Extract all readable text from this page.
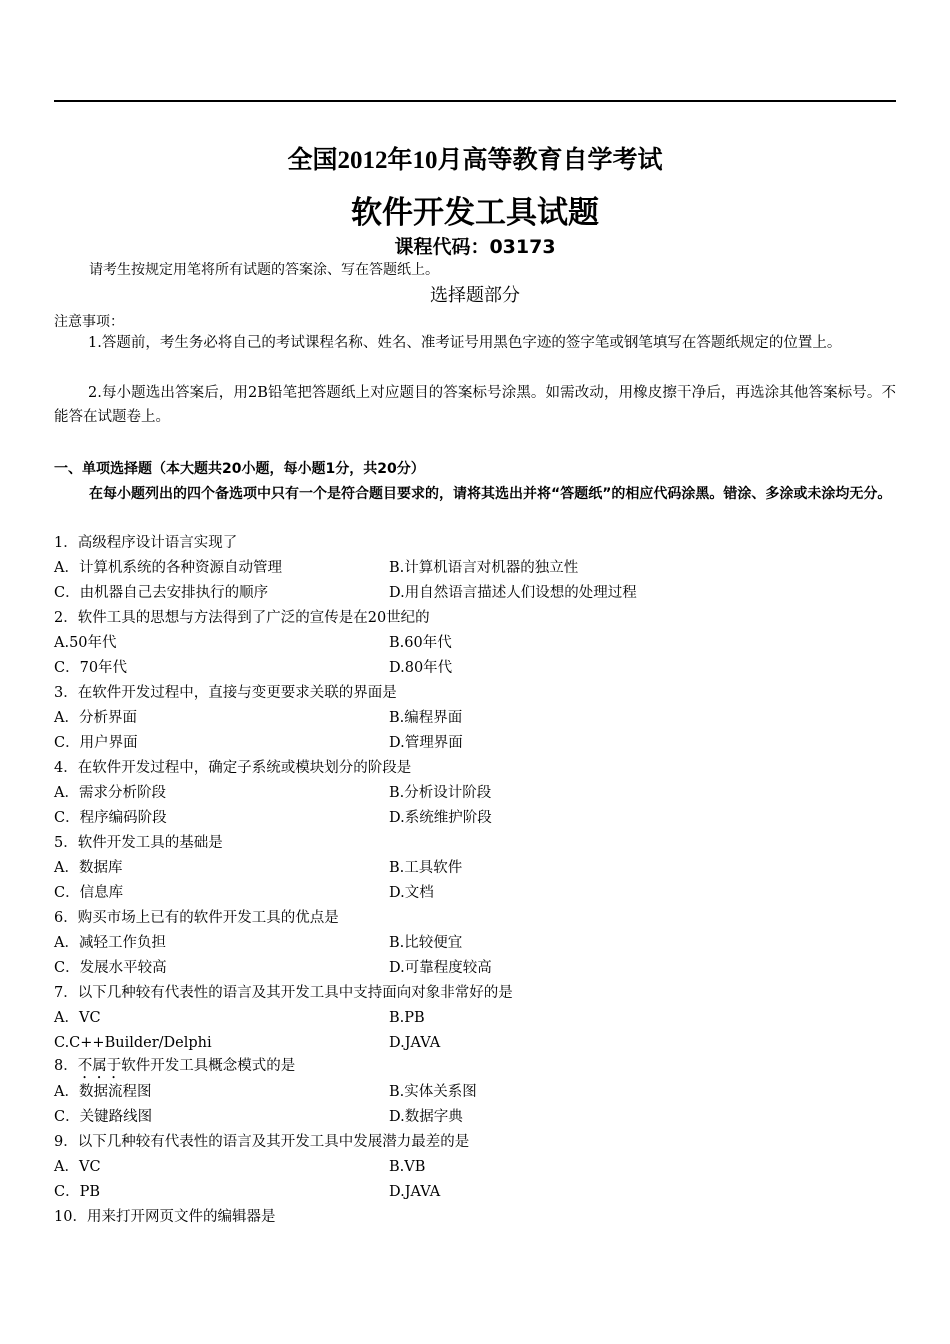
全国2012年10月高等教育自学考试
软件开发工具试题
课程代码：03173
请考生按规定用笔将所有试题的答案涂、写在答题纸上。
选择题部分
注意事项：
1.答题前，考生务必将自己的考试课程名称、姓名、准考证号用黑色字迹的签字笔或钢笔填写在答题纸规定的位置上。
2.每小题选出答案后，用2B铅笔把答题纸上对应题目的答案标号涂黑。如需改动，用橡皮擦干净后，再选涂其他答案标号。不能答在试题卷上。
一、单项选择题（本大题共20小题，每小题1分，共20分）
在每小题列出的四个备选项中只有一个是符合题目要求的，请将其选出并将“答题纸”的相应代码涂黑。错涂、多涂或未涂均无分。
1．高级程序设计语言实现了
A．计算机系统的各种资源自动管理	B.计算机语言对机器的独立性
C．由机器自己去安排执行的顺序	D.用自然语言描述人们设想的处理过程
2．软件工具的思想与方法得到了广泛的宣传是在20世纪的
A.50年代	B.60年代
C．70年代	D.80年代
3．在软件开发过程中，直接与变更要求关联的界面是
A．分析界面	B.编程界面
C．用户界面	D.管理界面
4．在软件开发过程中，确定子系统或模块划分的阶段是
A．需求分析阶段	B.分析设计阶段
C．程序编码阶段	D.系统维护阶段
5．软件开发工具的基础是
A．数据库	B.工具软件
C．信息库	D.文档
6．购买市场上已有的软件开发工具的优点是
A．减轻工作负担	B.比较便宜
C．发展水平较高	D.可靠程度较高
7．以下几种较有代表性的语言及其开发工具中支持面向对象非常好的是
A．VC	B.PB
C.C++Builder/Delphi	D.JAVA
8．不属于软件开发工具概念模式的是
A．数据流程图	B.实体关系图
C．关键路线图	D.数据字典
9．以下几种较有代表性的语言及其开发工具中发展潜力最差的是
A．VC	B.VB
C．PB	D.JAVA
10．用来打开网页文件的编辑器是
